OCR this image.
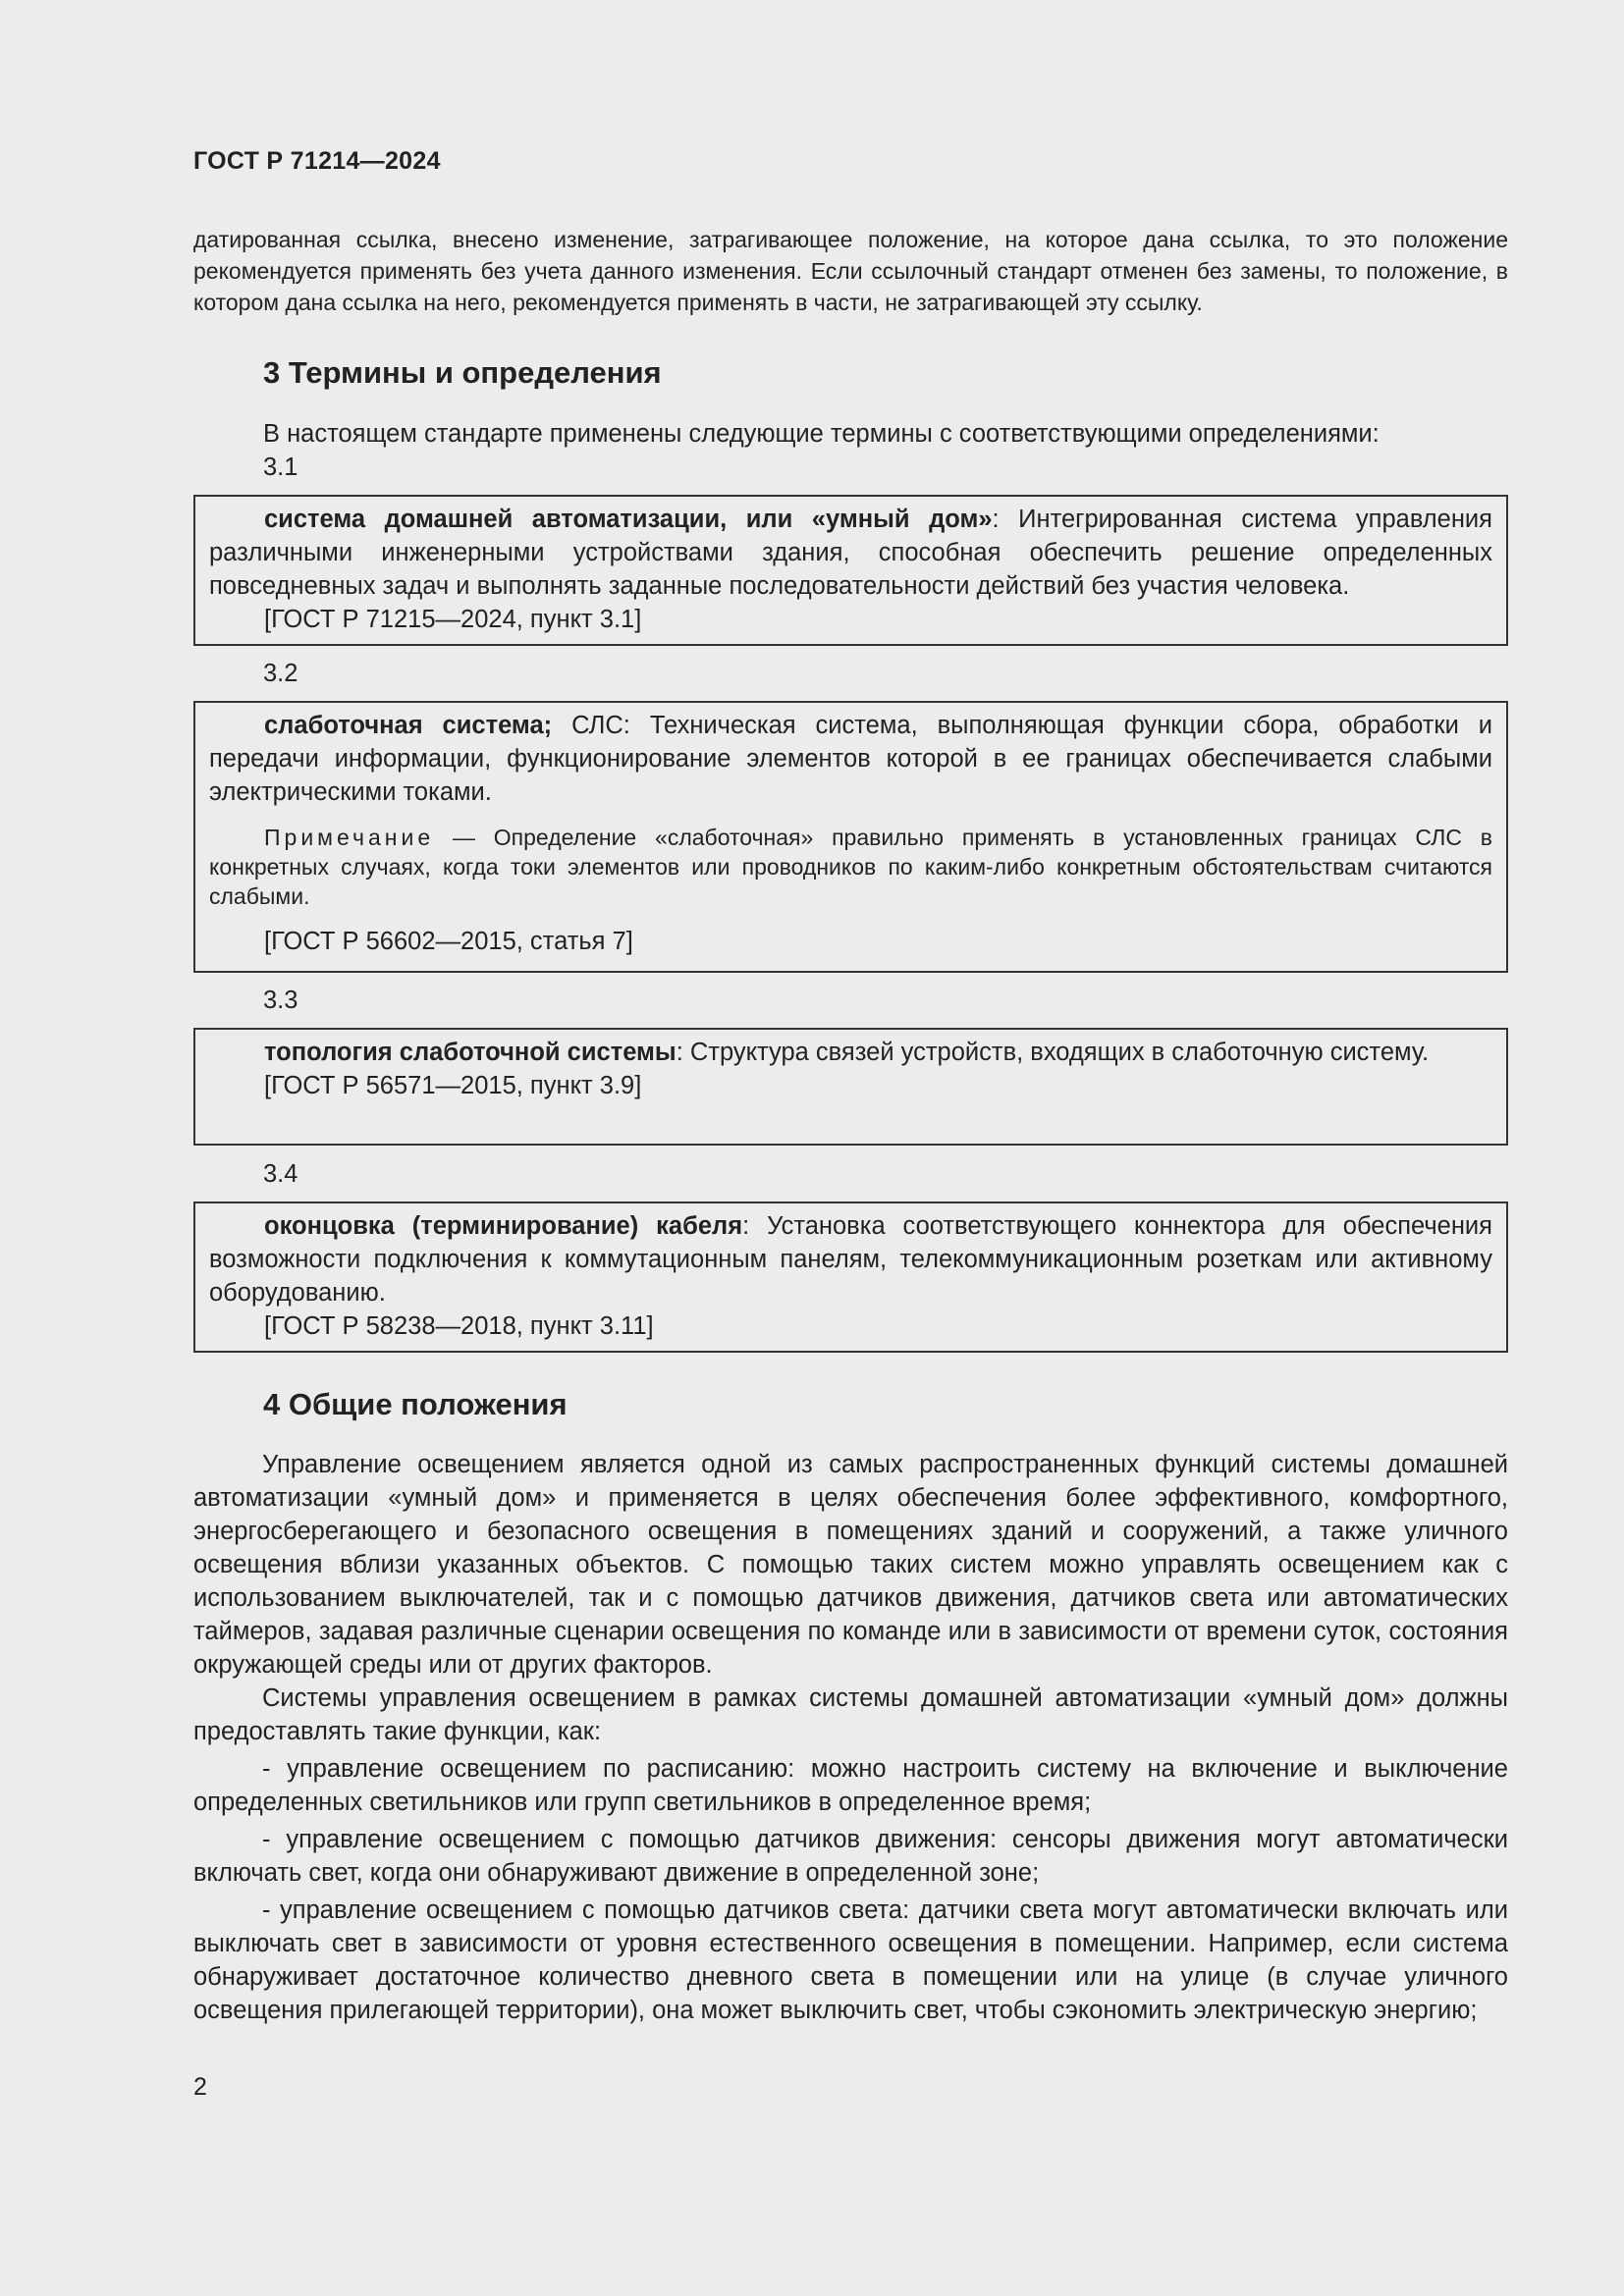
ГОСТ Р 71214—2024
датированная ссылка, внесено изменение, затрагивающее положение, на которое дана ссылка, то это положение рекомендуется применять без учета данного изменения. Если ссылочный стандарт отменен без замены, то положение, в котором дана ссылка на него, рекомендуется применять в части, не затрагивающей эту ссылку.
3 Термины и определения
В настоящем стандарте применены следующие термины с соответствующими определениями:
3.1

система домашней автоматизации, или «умный дом»: Интегрированная система управления различными инженерными устройствами здания, способная обеспечить решение определенных повседневных задач и выполнять заданные последовательности действий без участия человека.

[ГОСТ Р 71215—2024, пункт 3.1]

3.2

слаботочная система; СЛС: Техническая система, выполняющая функции сбора, обработки и передачи информации, функционирование элементов которой в ее границах обеспечивается слабыми электрическими токами.

Примечание — Определение «слаботочная» правильно применять в установленных границах СЛС в конкретных случаях, когда токи элементов или проводников по каким-либо конкретным обстоятельствам считаются слабыми.

[ГОСТ Р 56602—2015, статья 7]

3.3

топология слаботочной системы: Структура связей устройств, входящих в слаботочную систему.

[ГОСТ Р 56571—2015, пункт 3.9]

3.4

оконцовка (терминирование) кабеля: Установка соответствующего коннектора для обеспечения возможности подключения к коммутационным панелям, телекоммуникационным розеткам или активному оборудованию.

[ГОСТ Р 58238—2018, пункт 3.11]

4 Общие положения

Управление освещением является одной из самых распространенных функций системы домашней автоматизации «умный дом» и применяется в целях обеспечения более эффективного, комфортного, энергосберегающего и безопасного освещения в помещениях зданий и сооружений, а также уличного освещения вблизи указанных объектов. С помощью таких систем можно управлять освещением как с использованием выключателей, так и с помощью датчиков движения, датчиков света или автоматических таймеров, задавая различные сценарии освещения по команде или в зависимости от времени суток, состояния окружающей среды или от других факторов.

Системы управления освещением в рамках системы домашней автоматизации «умный дом» должны предоставлять такие функции, как:

- управление освещением по расписанию: можно настроить систему на включение и выключение определенных светильников или групп светильников в определенное время;

- управление освещением с помощью датчиков движения: сенсоры движения могут автоматически включать свет, когда они обнаруживают движение в определенной зоне;

- управление освещением с помощью датчиков света: датчики света могут автоматически включать или выключать свет в зависимости от уровня естественного освещения в помещении. Например, если система обнаруживает достаточное количество дневного света в помещении или на улице (в случае уличного освещения прилегающей территории), она может выключить свет, чтобы сэкономить электрическую энергию;

2
